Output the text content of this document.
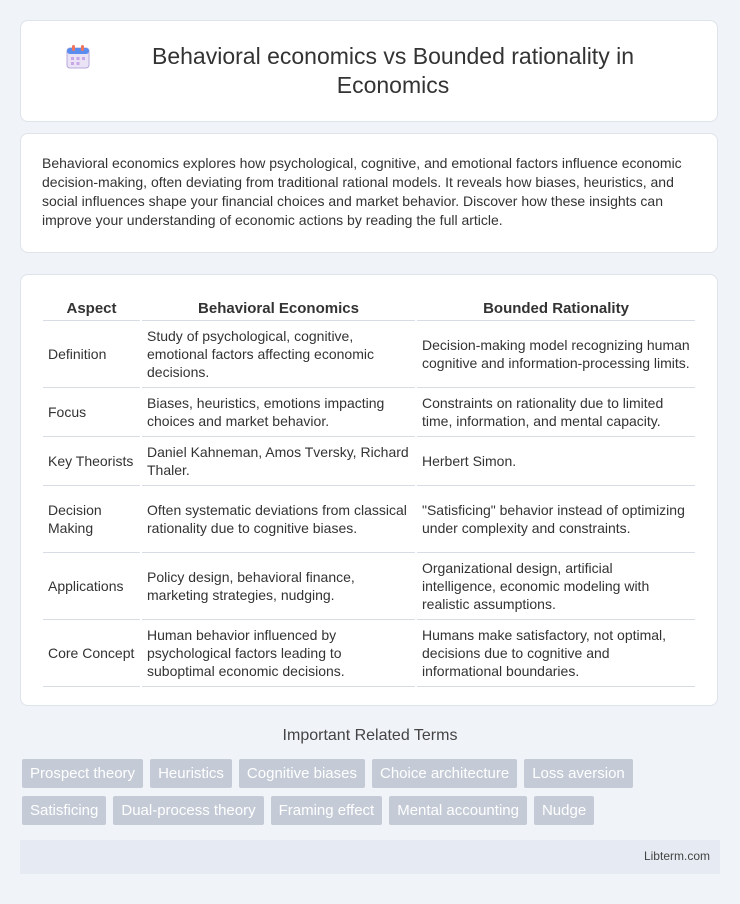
Behavioral economics vs Bounded rationality in Economics

Behavioral economics explores how psychological, cognitive, and emotional factors influence economic decision-making, often deviating from traditional rational models. It reveals how biases, heuristics, and social influences shape your financial choices and market behavior. Discover how these insights can improve your understanding of economic actions by reading the full article.

Aspect	Behavioral Economics	Bounded Rationality
Definition	Study of psychological, cognitive, emotional factors affecting economic decisions.	Decision-making model recognizing human cognitive and information-processing limits.
Focus	Biases, heuristics, emotions impacting choices and market behavior.	Constraints on rationality due to limited time, information, and mental capacity.
Key Theorists	Daniel Kahneman, Amos Tversky, Richard Thaler.	Herbert Simon.
Decision Making	Often systematic deviations from classical rationality due to cognitive biases.	"Satisficing" behavior instead of optimizing under complexity and constraints.
Applications	Policy design, behavioral finance, marketing strategies, nudging.	Organizational design, artificial intelligence, economic modeling with realistic assumptions.
Core Concept	Human behavior influenced by psychological factors leading to suboptimal economic decisions.	Humans make satisfactory, not optimal, decisions due to cognitive and informational boundaries.
Important Related Terms
Prospect theory	Heuristics	Cognitive biases	Choice architecture	Loss aversion
Satisficing	Dual-process theory	Framing effect	Mental accounting	Nudge
Libterm.com
